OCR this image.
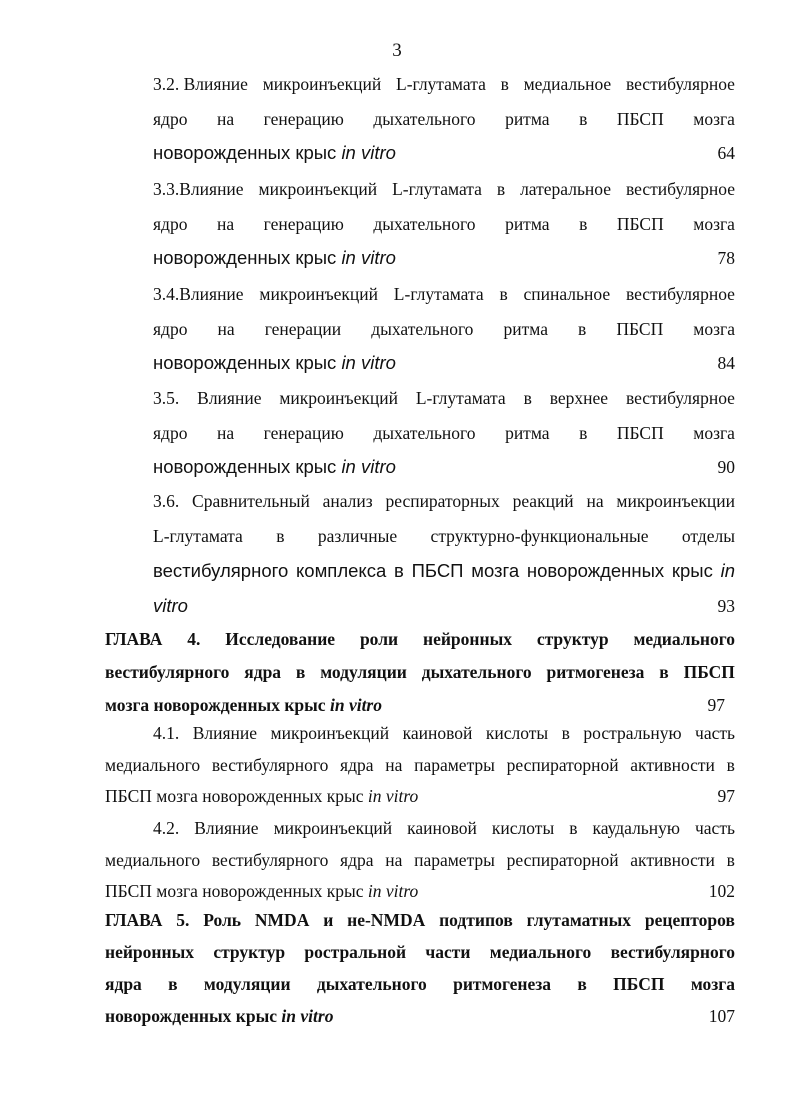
3
3.2. Влияние микроинъекций L-глутамата в медиальное вестибулярное
ядро на генерацию дыхательного ритма в ПБСП мозга
новорожденных крыс in vitro	64
3.3.Влияние микроинъекций L-глутамата в латеральное вестибулярное
ядро на генерацию дыхательного ритма в ПБСП мозга
новорожденных крыс in vitro	78
3.4.Влияние микроинъекций L-глутамата в спинальное вестибулярное
ядро на генерации дыхательного ритма в ПБСП мозга
новорожденных крыс in vitro	84
3.5. Влияние микроинъекций L-глутамата в верхнее вестибулярное
ядро на генерацию дыхательного ритма в ПБСП мозга
новорожденных крыс in vitro	90
3.6. Сравнительный анализ респираторных реакций на микроинъекции
L-глутамата в различные структурно-функциональные отделы
вестибулярного комплекса в ПБСП мозга новорожденных крыс in
vitro	93
ГЛАВА 4. Исследование роли нейронных структур медиального
вестибулярного ядра в модуляции дыхательного ритмогенеза в ПБСП
мозга новорожденных крыс in vitro	97
4.1. Влияние микроинъекций каиновой кислоты в ростральную часть
медиального вестибулярного ядра на параметры респираторной активности в
ПБСП мозга новорожденных крыс in vitro	97
4.2. Влияние микроинъекций каиновой кислоты в каудальную часть
медиального вестибулярного ядра на параметры респираторной активности в
ПБСП мозга новорожденных крыс in vitro	102
ГЛАВА 5. Роль NMDA и не-NMDA подтипов глутаматных рецепторов
нейронных структур ростральной части медиального вестибулярного
ядра в модуляции дыхательного ритмогенеза в ПБСП мозга
новорожденных крыс in vitro	107
